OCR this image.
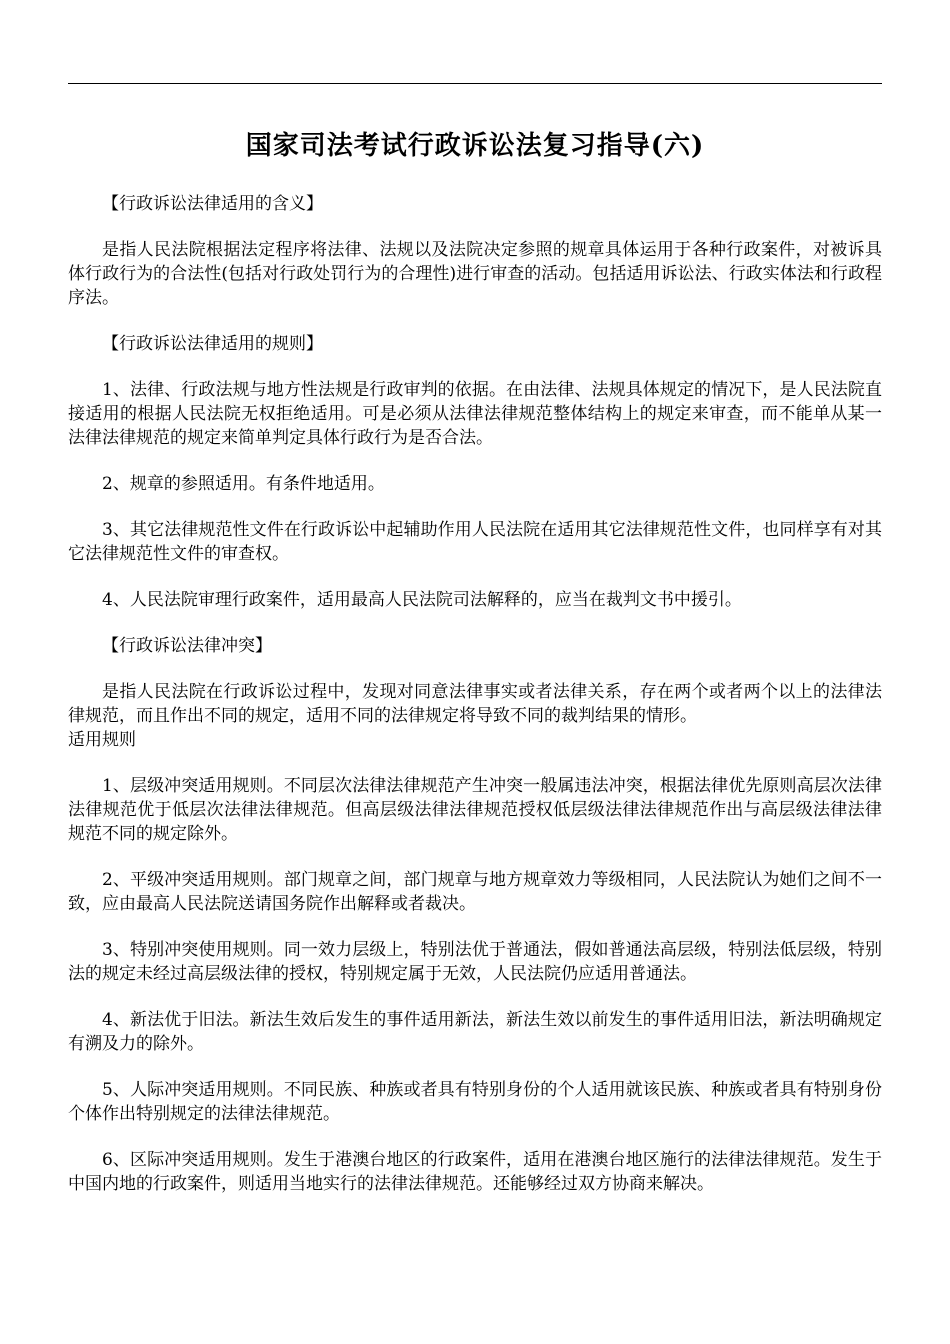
国家司法考试行政诉讼法复习指导(六)

【行政诉讼法律适用的含义】

是指人民法院根据法定程序将法律、法规以及法院决定参照的规章具体运用于各种行政案件，对被诉具体行政行为的合法性(包括对行政处罚行为的合理性)进行审查的活动。包括适用诉讼法、行政实体法和行政程序法。

【行政诉讼法律适用的规则】

1、法律、行政法规与地方性法规是行政审判的依据。在由法律、法规具体规定的情况下，是人民法院直接适用的根据人民法院无权拒绝适用。可是必须从法律法律规范整体结构上的规定来审查，而不能单从某一法律法律规范的规定来简单判定具体行政行为是否合法。

2、规章的参照适用。有条件地适用。

3、其它法律规范性文件在行政诉讼中起辅助作用人民法院在适用其它法律规范性文件，也同样享有对其它法律规范性文件的审查权。

4、人民法院审理行政案件，适用最高人民法院司法解释的，应当在裁判文书中援引。

【行政诉讼法律冲突】

是指人民法院在行政诉讼过程中，发现对同意法律事实或者法律关系，存在两个或者两个以上的法律法律规范，而且作出不同的规定，适用不同的法律规定将导致不同的裁判结果的情形。

适用规则

1、层级冲突适用规则。不同层次法律法律规范产生冲突一般属违法冲突，根据法律优先原则高层次法律法律规范优于低层次法律法律规范。但高层级法律法律规范授权低层级法律法律规范作出与高层级法律法律规范不同的规定除外。

2、平级冲突适用规则。部门规章之间，部门规章与地方规章效力等级相同，人民法院认为她们之间不一致，应由最高人民法院送请国务院作出解释或者裁决。

3、特别冲突使用规则。同一效力层级上，特别法优于普通法，假如普通法高层级，特别法低层级，特别法的规定未经过高层级法律的授权，特别规定属于无效，人民法院仍应适用普通法。

4、新法优于旧法。新法生效后发生的事件适用新法，新法生效以前发生的事件适用旧法，新法明确规定有溯及力的除外。

5、人际冲突适用规则。不同民族、种族或者具有特别身份的个人适用就该民族、种族或者具有特别身份个体作出特别规定的法律法律规范。

6、区际冲突适用规则。发生于港澳台地区的行政案件，适用在港澳台地区施行的法律法律规范。发生于中国内地的行政案件，则适用当地实行的法律法律规范。还能够经过双方协商来解决。
